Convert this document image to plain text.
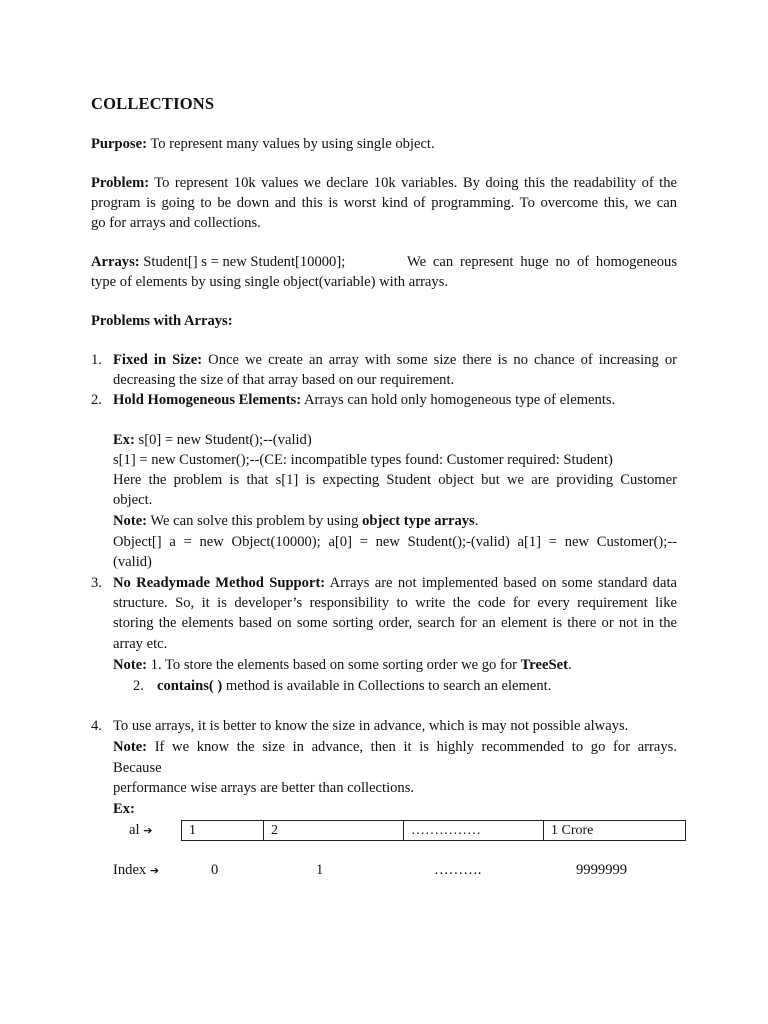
COLLECTIONS
Purpose: To represent many values by using single object.
Problem: To represent 10k values we declare 10k variables. By doing this the readability of the
program is going to be down and this is worst kind of programming. To overcome this, we can
go for arrays and collections.
Arrays: Student[] s = new Student[10000];	We can represent huge no of homogeneous
type of elements by using single object(variable) with arrays.
Problems with Arrays:
1. Fixed in Size: Once we create an array with some size there is no chance of increasing or
decreasing the size of that array based on our requirement.
2. Hold Homogeneous Elements: Arrays can hold only homogeneous type of elements.
Ex: s[0] = new Student();--(valid)
s[1] = new Customer();--(CE: incompatible types found: Customer required: Student)
Here the problem is that s[1] is expecting Student object but we are providing Customer
object.
Note: We can solve this problem by using object type arrays.
Object[] a = new Object(10000); a[0] = new Student();-(valid) a[1] = new Customer();--
(valid)
3. No Readymade Method Support: Arrays are not implemented based on some standard data
structure. So, it is developer’s responsibility to write the code for every requirement like
storing the elements based on some sorting order, search for an element is there or not in the
array etc.
Note: 1. To store the elements based on some sorting order we go for TreeSet.
2. contains( ) method is available in Collections to search an element.
4. To use arrays, it is better to know the size in advance, which is may not possible always.
Note: If we know the size in advance, then it is highly recommended to go for arrays.
Because
performance wise arrays are better than collections.
Ex:
al ➔	1	2	……………	1 Crore
Index ➔	0	1	……….	9999999
